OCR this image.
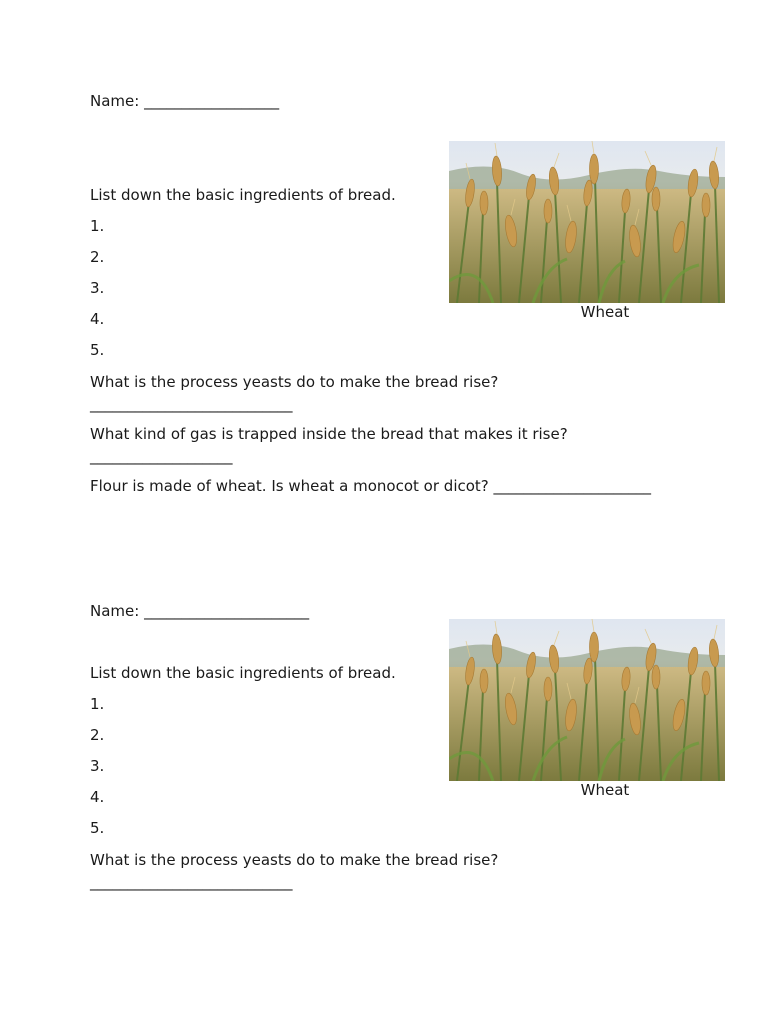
Name: __________________
Wheat
List down the basic ingredients of bread.
1.
2.
3.
4.
5.
What is the process yeasts do to make the bread rise?
___________________________
What kind of gas is trapped inside the bread that makes it rise?
___________________
Flour is made of wheat. Is wheat a monocot or dicot? _____________________
Name: ______________________
Wheat
List down the basic ingredients of bread.
1.
2.
3.
4.
5.
What is the process yeasts do to make the bread rise?
___________________________
